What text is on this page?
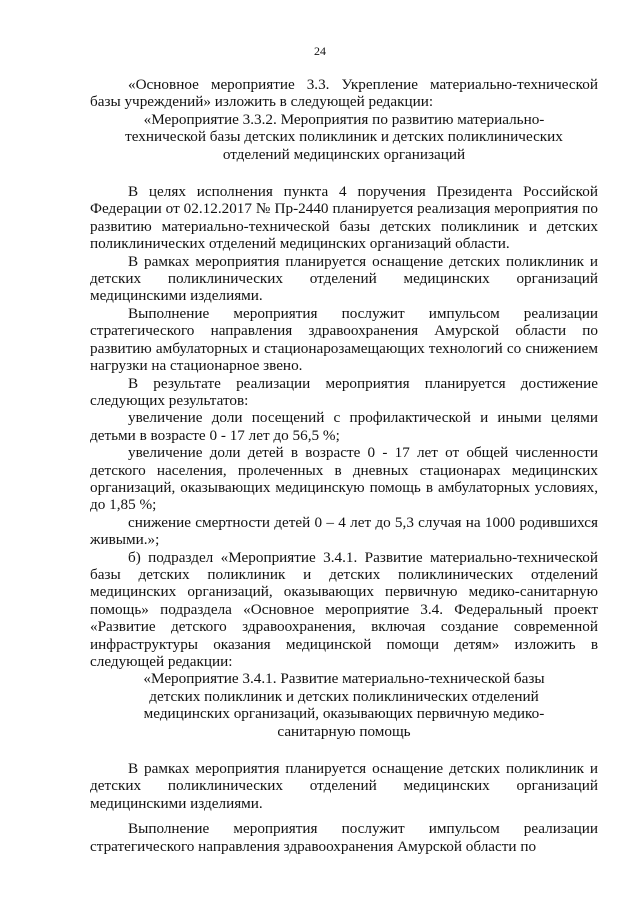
24

«Основное мероприятие 3.3. Укрепление материально-технической базы учреждений» изложить в следующей редакции:

«Мероприятие 3.3.2. Мероприятия по развитию материально-технической базы детских поликлиник и детских поликлинических отделений медицинских организаций

В целях исполнения пункта 4 поручения Президента Российской Федерации от 02.12.2017 № Пр-2440 планируется реализация мероприятия по развитию материально-технической базы детских поликлиник и детских поликлинических отделений медицинских организаций области.

В рамках мероприятия планируется оснащение детских поликлиник и детских поликлинических отделений медицинских организаций медицинскими изделиями.

Выполнение мероприятия послужит импульсом реализации стратегического направления здравоохранения Амурской области по развитию амбулаторных и стационарозамещающих технологий со снижением нагрузки на стационарное звено.

В результате реализации мероприятия планируется достижение следующих результатов:

увеличение доли посещений с профилактической и иными целями детьми в возрасте 0 - 17 лет до 56,5 %;

увеличение доли детей в возрасте 0 - 17 лет от общей численности детского населения, пролеченных в дневных стационарах медицинских организаций, оказывающих медицинскую помощь в амбулаторных условиях, до 1,85 %;

снижение смертности детей 0 – 4 лет до 5,3 случая на 1000 родившихся живыми.»;

б) подраздел «Мероприятие 3.4.1. Развитие материально-технической базы детских поликлиник и детских поликлинических отделений медицинских организаций, оказывающих первичную медико-санитарную помощь» подраздела «Основное мероприятие 3.4. Федеральный проект «Развитие детского здравоохранения, включая создание современной инфраструктуры оказания медицинской помощи детям» изложить в следующей редакции:

«Мероприятие 3.4.1. Развитие материально-технической базы детских поликлиник и детских поликлинических отделений медицинских организаций, оказывающих первичную медико-санитарную помощь

В рамках мероприятия планируется оснащение детских поликлиник и детских поликлинических отделений медицинских организаций медицинскими изделиями.

Выполнение мероприятия послужит импульсом реализации стратегического направления здравоохранения Амурской области по
